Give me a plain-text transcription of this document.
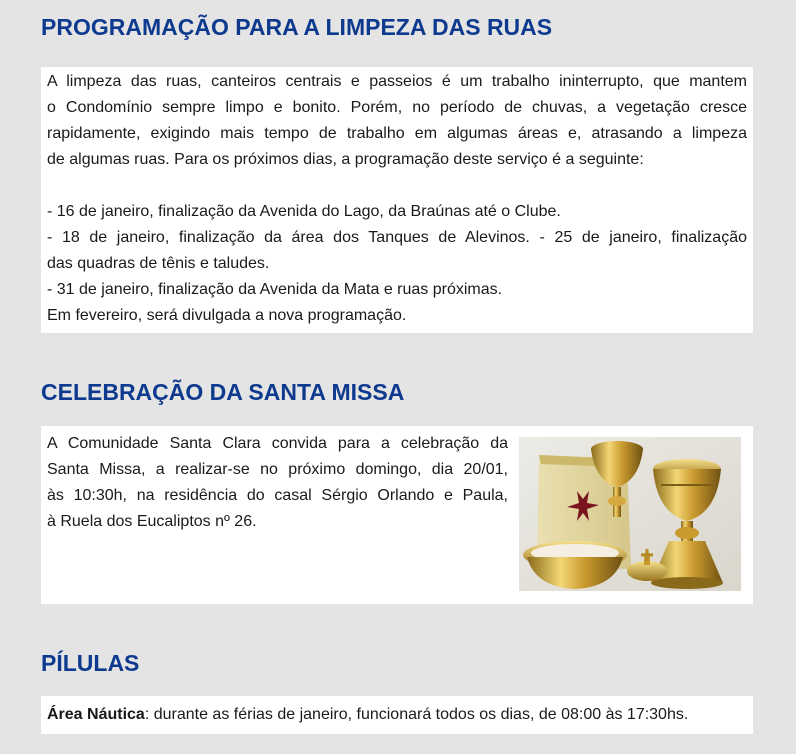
PROGRAMAÇÃO PARA A LIMPEZA DAS RUAS

A limpeza das ruas, canteiros centrais e passeios é um trabalho ininterrupto, que mantem
o Condomínio sempre limpo e bonito. Porém, no período de chuvas, a vegetação cresce
rapidamente, exigindo mais tempo de trabalho em algumas áreas e, atrasando a limpeza
de algumas ruas. Para os próximos dias, a programação deste serviço é a seguinte:

- 16 de janeiro, finalização da Avenida do Lago, da Braúnas até o Clube.

- 18 de janeiro, finalização da área dos Tanques de Alevinos. - 25 de janeiro, finalização
das quadras de tênis e taludes.

- 31 de janeiro, finalização da Avenida da Mata e ruas próximas.

Em fevereiro, será divulgada a nova programação.

CELEBRAÇÃO DA SANTA MISSA
A Comunidade Santa Clara convida para a celebração da
Santa Missa, a realizar-se no próximo domingo, dia 20/01,
às 10:30h, na residência do casal Sérgio Orlando e Paula,
à Ruela dos Eucaliptos nº 26.
PÍLULAS

Área Náutica: durante as férias de janeiro, funcionará todos os dias, de 08:00 às 17:30hs.
